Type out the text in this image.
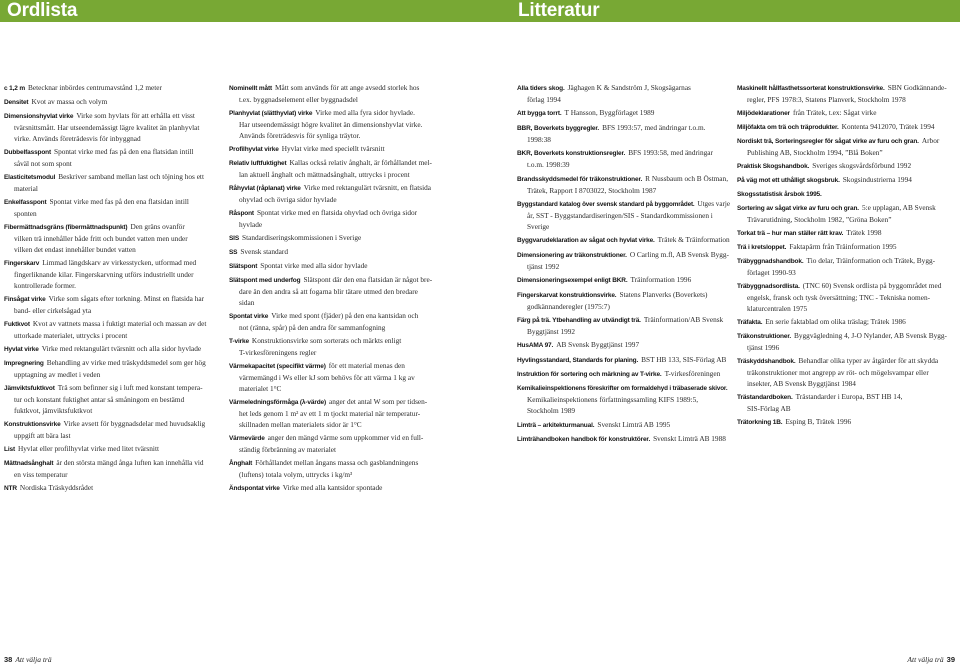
Ordlista	Litteratur
c 1,2 m Betecknar inbördes centrumavstånd 1,2 meter
Densitet Kvot av massa och volym
Dimensionshyvlat virke Virke som hyvlats för att erhålla ett visst
tvärsnittsmått. Har utseendemässigt lägre kvalitet än planhyvlat
virke. Används företrädesvis för inbyggnad
Dubbelfasspont Spontat virke med fas på den ena flatsidan intill
såväl not som spont
Elasticitetsmodul Beskriver samband mellan last och töjning hos ett
material
Enkelfasspont Spontat virke med fas på den ena flatsidan intill
sponten
Fibermättnadsgräns (fibermättnadspunkt) Den gräns ovanför
vilken trä innehåller både fritt och bundet vatten men under
vilken det endast innehåller bundet vatten
Fingerskarv Limmad längdskarv av virkesstycken, utformad med
fingerliknande kilar. Fingerskarvning utförs industriellt under
kontrollerade former.
Finsågat virke Virke som sågats efter torkning. Minst en flatsida har
band- eller cirkelsågad yta
Fuktkvot Kvot av vattnets massa i fuktigt material och massan av det
uttorkade materialet, uttrycks i procent
Hyvlat virke Virke med rektangulärt tvärsnitt och alla sidor hyvlade
Impregnering Behandling av virke med träskyddsmedel som ger hög
upptagning av medlet i veden
Jämviktsfuktkvot Trä som befinner sig i luft med konstant tempera-
tur och konstant fuktighet antar så småningom en bestämd
fuktkvot, jämviktsfuktkvot
Konstruktionsvirke Virke avsett för byggnadsdelar med huvudsaklig
uppgift att bära last
List Hyvlat eller profilhyvlat virke med litet tvärsnitt
Mättnadsånghalt är den största mängd ånga luften kan innehålla vid
en viss temperatur
NTR Nordiska Träskyddsrådet
Nominellt mått Mått som används för att ange avsedd storlek hos
t.ex. byggnadselement eller byggnadsdel
Planhyvlat (slätthyvlat) virke Virke med alla fyra sidor hyvlade.
Har utseendemässigt högre kvalitet än dimensionshyvlat virke.
Används företrädesvis för synliga träytor.
Profilhyvlat virke Hyvlat virke med speciellt tvärsnitt
Relativ luftfuktighet Kallas också relativ ånghalt, är förhållandet mel-
lan aktuell ånghalt och mättnadsånghalt, uttrycks i procent
Råhyvlat (råplanat) virke Virke med rektangulärt tvärsnitt, en flatsida
ohyvlad och övriga sidor hyvlade
Råspont Spontat virke med en flatsida ohyvlad och övriga sidor
hyvlade
SIS Standardiseringskommissionen i Sverige
SS Svensk standard
Slätspont Spontat virke med alla sidor hyvlade
Slätspont med underfog Slätspont där den ena flatsidan är något bre-
dare än den andra så att fogarna blir tätare utmed den bredare
sidan
Spontat virke Virke med spont (fjäder) på den ena kantsidan och
not (ränna, spår) på den andra för sammanfogning
T-virke Konstruktionsvirke som sorterats och märkts enligt
T-virkesföreningens regler
Värmekapacitet (specifikt värme) för ett material menas den
värmemängd i Ws eller kJ som behövs för att värma 1 kg av
materialet 1°C
Värmeledningsförmåga (λ-värde) anger det antal W som per tidsen-
het leds genom 1 m² av ett 1 m tjockt material när temperatur-
skillnaden mellan materialets sidor är 1°C
Värmevärde anger den mängd värme som uppkommer vid en full-
ständig förbränning av materialet
Ånghalt Förhållandet mellan ångans massa och gasblandningens
(luftens) totala volym, uttrycks i kg/m³
Ändspontat virke Virke med alla kantsidor spontade
Alla tiders skog. Jäghagen K & Sandström J, Skogsägarnas
förlag 1994
Att bygga torrt. T Hansson, Byggförlaget 1989
BBR, Boverkets byggregler. BFS 1993:57, med ändringar t.o.m.
1998:38
BKR, Boverkets konstruktionsregler. BFS 1993:58, med ändringar
t.o.m. 1998:39
Brandsskyddsmedel för träkonstruktioner. R Nussbaum och B Östman,
Trätek, Rapport I 8703022, Stockholm 1987
Byggstandard katalog över svensk standard på byggområdet. Utges varje
år, SST - Byggstandardiseringen/SIS - Standardkommissionen i
Sverige
Byggvarudeklaration av sågat och hyvlat virke. Trätek & Träinformation
Dimensionering av träkonstruktioner. O Carling m.fl, AB Svensk Bygg-
tjänst 1992
Dimensioneringsexempel enligt BKR. Träinformation 1996
Fingerskarvat konstruktionsvirke. Statens Planverks (Boverkets)
godkännanderegler (1975:7)
Färg på trä. Ytbehandling av utvändigt trä. Träinformation/AB Svensk
Byggtjänst 1992
HusAMA 97. AB Svensk Byggtjänst 1997
Hyvlingsstandard, Standards for planing. BST HB 133, SIS-Förlag AB
Instruktion för sortering och märkning av T-virke. T-virkesföreningen
Kemikalieinspektionens föreskrifter om formaldehyd i träbaserade skivor.
Kemikalieinspektionens författningssamling KIFS 1989:5,
Stockholm 1989
Limträ – arkitekturmanual. Svenskt Limträ AB 1995
Limträhandboken handbok för konstruktörer. Svenskt Limträ AB 1988
Maskinellt hållfasthetssorterat konstruktionsvirke. SBN Godkännande-
regler, PFS 1978:3, Statens Planverk, Stockholm 1978
Miljödeklarationer från Trätek, t.ex: Sågat virke
Miljöfakta om trä och träprodukter. Kontenta 9412070, Trätek 1994
Nordiskt trä, Sorteringsregler för sågat virke av furu och gran. Arbor
Publishing AB, Stockholm 1994, ”Blå Boken”
Praktisk Skogshandbok. Sveriges skogsvårdsförbund 1992
På väg mot ett uthålligt skogsbruk. Skogsindustrierna 1994
Skogsstatistisk årsbok 1995.
Sortering av sågat virke av furu och gran. 5:e upplagan, AB Svensk
Trävarutidning, Stockholm 1982, ”Gröna Boken”
Torkat trä – hur man ställer rätt krav. Trätek 1998
Trä i kretsloppet. Faktapärm från Träinformation 1995
Träbyggnadshandbok. Tio delar, Träinformation och Trätek, Bygg-
förlaget 1990-93
Träbyggnadsordlista. (TNC 60) Svensk ordlista på byggområdet med
engelsk, fransk och tysk översättning; TNC - Tekniska nomen-
klaturcentralen 1975
Träfakta. En serie faktablad om olika träslag; Trätek 1986
Träkonstruktioner. Byggvägledning 4, J-O Nylander, AB Svensk Bygg-
tjänst 1996
Träskyddshandbok. Behandlar olika typer av åtgärder för att skydda
träkonstruktioner mot angrepp av röt- och mögelsvampar eller
insekter, AB Svensk Byggtjänst 1984
Trästandardboken. Trästandarder i Europa, BST HB 14,
SIS-Förlag AB
Trätorkning 1B. Esping B, Trätek 1996
38 Att välja trä	Att välja trä 39
